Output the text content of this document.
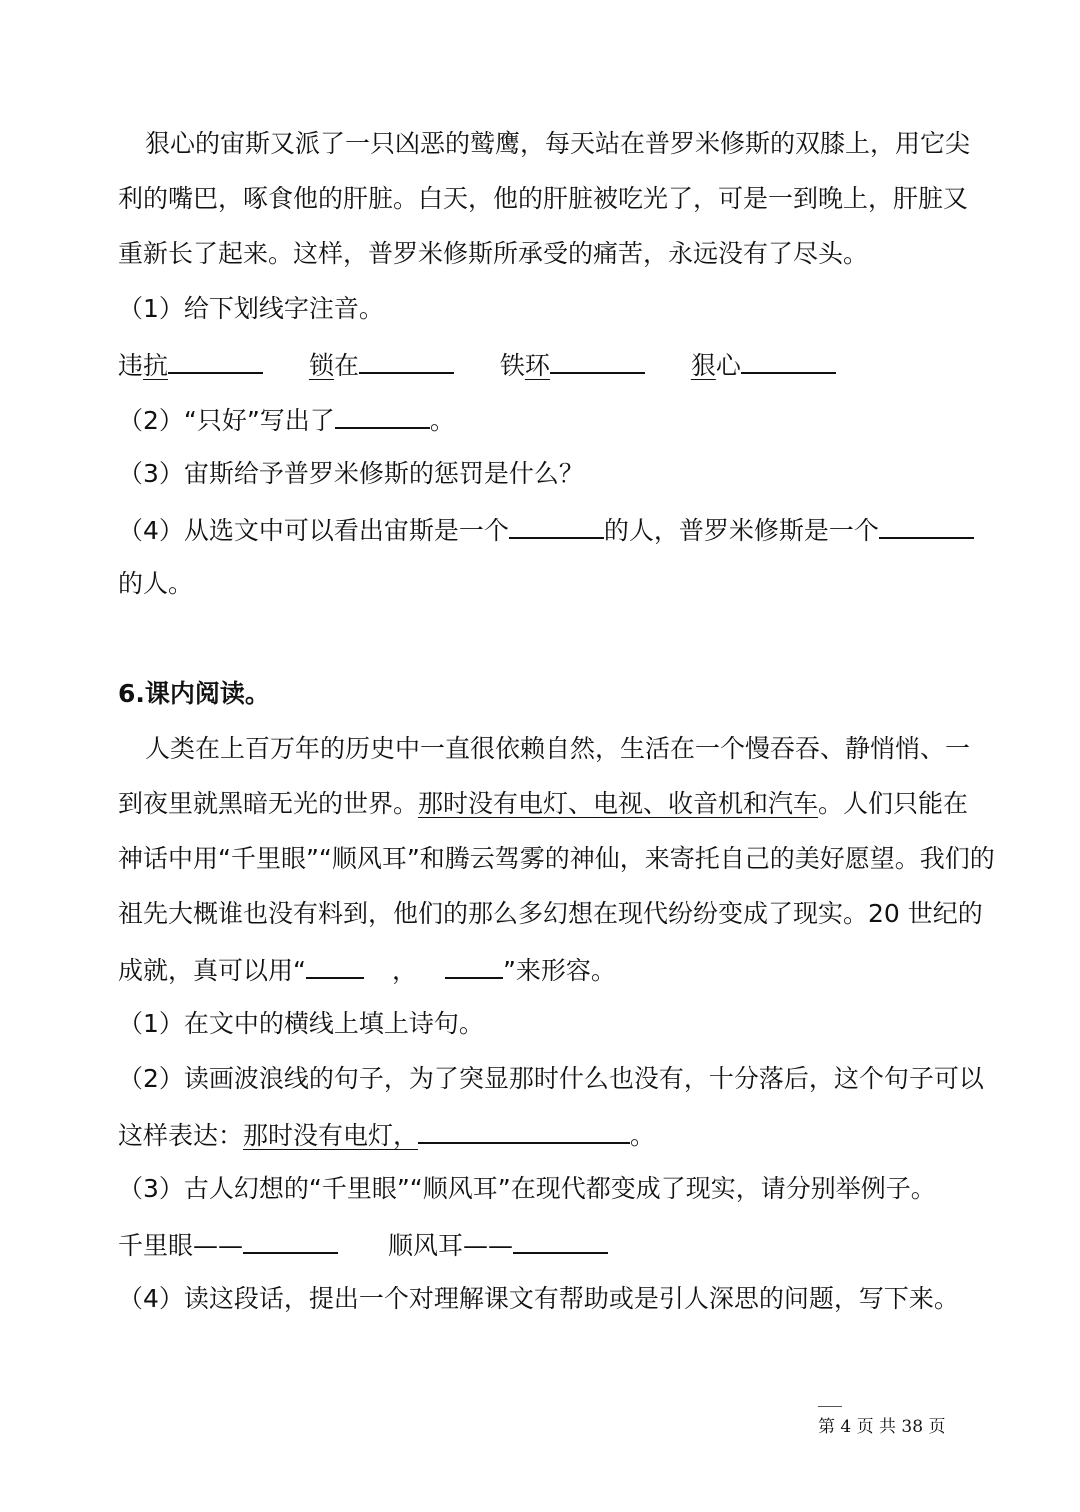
狠心的宙斯又派了一只凶恶的鹫鹰，每天站在普罗米修斯的双膝上，用它尖
利的嘴巴，啄食他的肝脏。白天，他的肝脏被吃光了，可是一到晚上，肝脏又
重新长了起来。这样，普罗米修斯所承受的痛苦，永远没有了尽头。
（1）给下划线字注音。
违抗	锁在	铁环	狠心
（2）“只好”写出了	。
（3）宙斯给予普罗米修斯的惩罚是什么？
（4）从选文中可以看出宙斯是一个	的人，普罗米修斯是一个
的人。
6.课内阅读。
人类在上百万年的历史中一直很依赖自然，生活在一个慢吞吞、静悄悄、一
到夜里就黑暗无光的世界。那时没有电灯、电视、收音机和汽车。人们只能在
神话中用“千里眼”“顺风耳”和腾云驾雾的神仙，来寄托自己的美好愿望。我们的
祖先大概谁也没有料到，他们的那么多幻想在现代纷纷变成了现实。20 世纪的
成就，真可以用“	，	”来形容。
（1）在文中的横线上填上诗句。
（2）读画波浪线的句子，为了突显那时什么也没有，十分落后，这个句子可以
这样表达：那时没有电灯，	。
（3）古人幻想的“千里眼”“顺风耳”在现代都变成了现实，请分别举例子。
千里眼——	顺风耳——
（4）读这段话，提出一个对理解课文有帮助或是引人深思的问题，写下来。
第 4 页 共 38 页
